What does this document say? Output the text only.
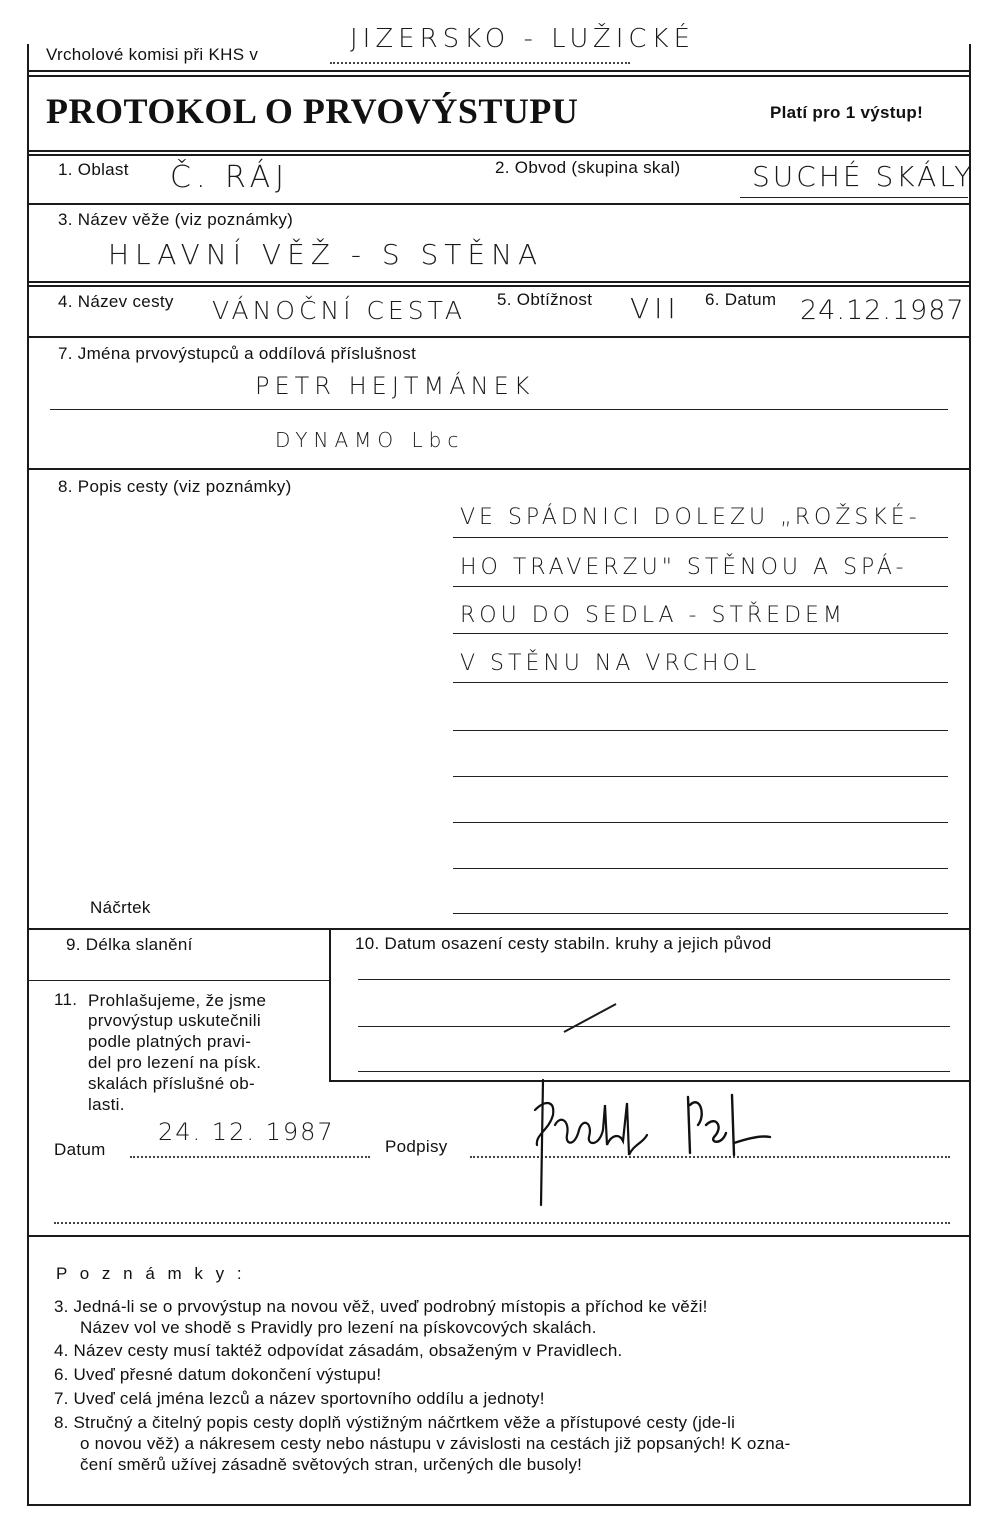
Vrcholové komisi při KHS v
JIZERSKO - LUŽICKÉ
PROTOKOL O PRVOVÝSTUPU	Platí pro 1 výstup!
1. Oblast Č. RÁJ	2. Obvod (skupina skal)	SUCHÉ SKÁLY
3. Název věže (viz poznámky)
HLAVNÍ VĚŽ - S STĚNA
4. Název cesty VÁNOČNÍ CESTA 5. Obtížnost VII 6. Datum 24.12.1987
7. Jména prvovýstupců a oddílová příslušnost
PETR HEJTMÁNEK
DYNAMO Lbc
8. Popis cesty (viz poznámky)
VE SPÁDNICI DOLEZU „ROŽSKÉ-
HO TRAVERZU" STĚNOU A SPÁ-
ROU DO SEDLA - STŘEDEM
V STĚNU NA VRCHOL
Náčrtek
9. Délka slanění	10. Datum osazení cesty stabiln. kruhy a jejich původ
11. Prohlašujeme, že jsme
prvovýstup uskutečnili
podle platných pravi-
del pro lezení na písk.
skalách příslušné ob-
lasti.
Datum
24. 12. 1987
Podpisy
P o z n á m k y :
3. Jedná-li se o prvovýstup na novou věž, uveď podrobný místopis a příchod ke věži!
Název vol ve shodě s Pravidly pro lezení na pískovcových skalách.
4. Název cesty musí taktéž odpovídat zásadám, obsaženým v Pravidlech.
6. Uveď přesné datum dokončení výstupu!
7. Uveď celá jména lezců a název sportovního oddílu a jednoty!
8. Stručný a čitelný popis cesty doplň výstižným náčrtkem věže a přístupové cesty (jde-li
o novou věž) a nákresem cesty nebo nástupu v závislosti na cestách již popsaných! K ozna-
čení směrů užívej zásadně světových stran, určených dle busoly!
